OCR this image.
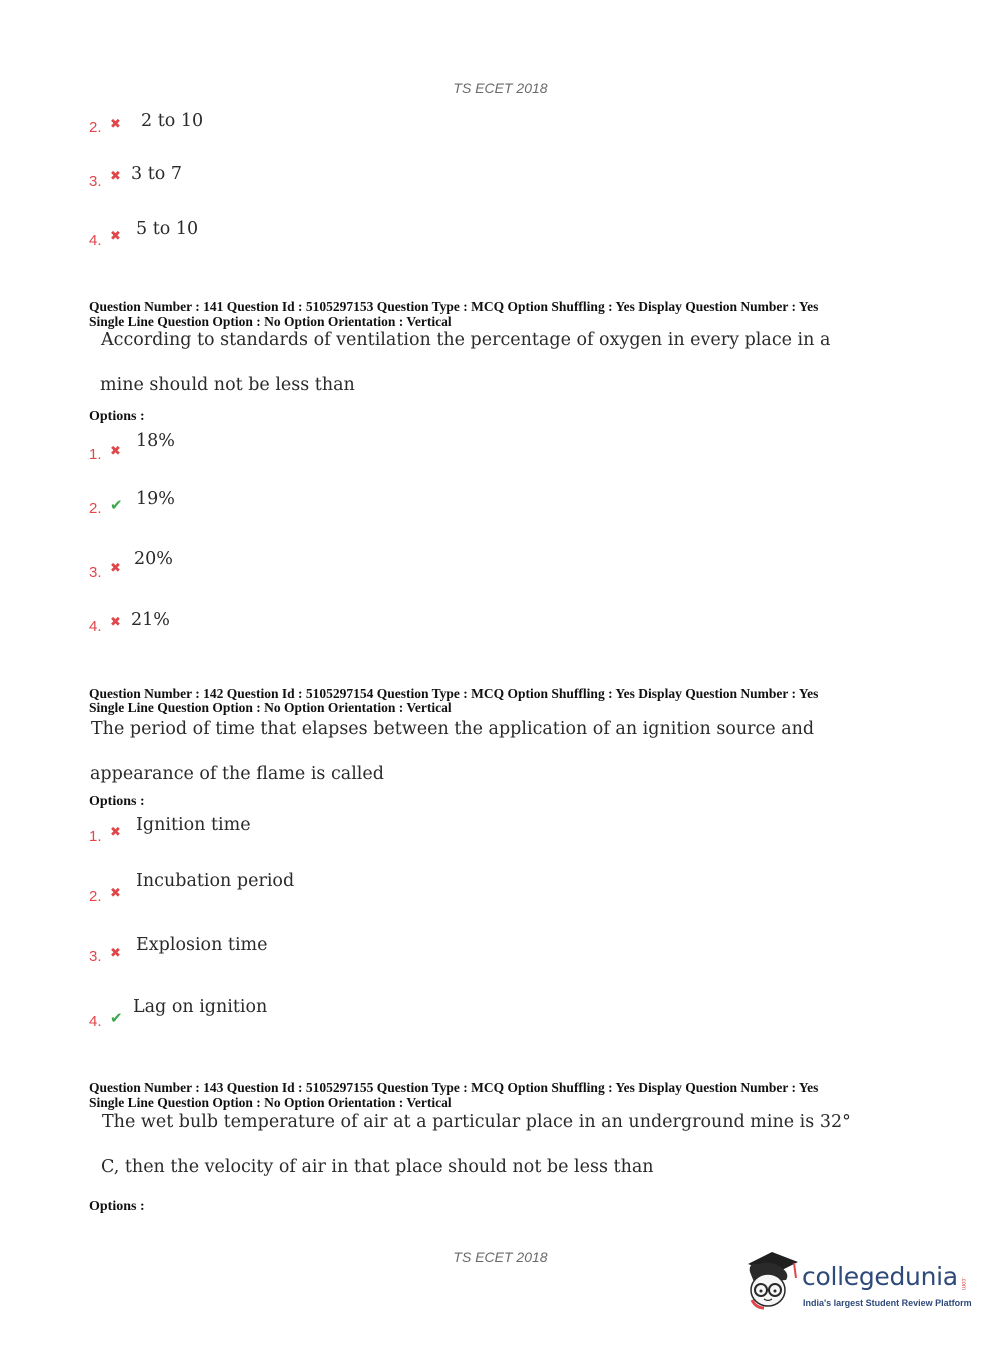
TS ECET 2018
2. ✖ 2 to 10
3. ✖ 3 to 7
4. ✖ 5 to 10
Question Number : 141 Question Id : 5105297153 Question Type : MCQ Option Shuffling : Yes Display Question Number : Yes
Single Line Question Option : No Option Orientation : Vertical
According to standards of ventilation the percentage of oxygen in every place in a
mine should not be less than
Options :
1. ✖
18%
2. ✔ 19%
3. ✖ 20%
4. ✖ 21%
Question Number : 142 Question Id : 5105297154 Question Type : MCQ Option Shuffling : Yes Display Question Number : Yes
Single Line Question Option : No Option Orientation : Vertical
The period of time that elapses between the application of an ignition source and
appearance of the flame is called
Options :
1. ✖ Ignition time
2. ✖
Incubation period
3. ✖ Explosion time
4. ✔
Lag on ignition
Question Number : 143 Question Id : 5105297155 Question Type : MCQ Option Shuffling : Yes Display Question Number : Yes
Single Line Question Option : No Option Orientation : Vertical
The wet bulb temperature of air at a particular place in an underground mine is 32°
C, then the velocity of air in that place should not be less than
Options :
TS ECET 2018
collegedunia .com
India's largest Student Review Platform
